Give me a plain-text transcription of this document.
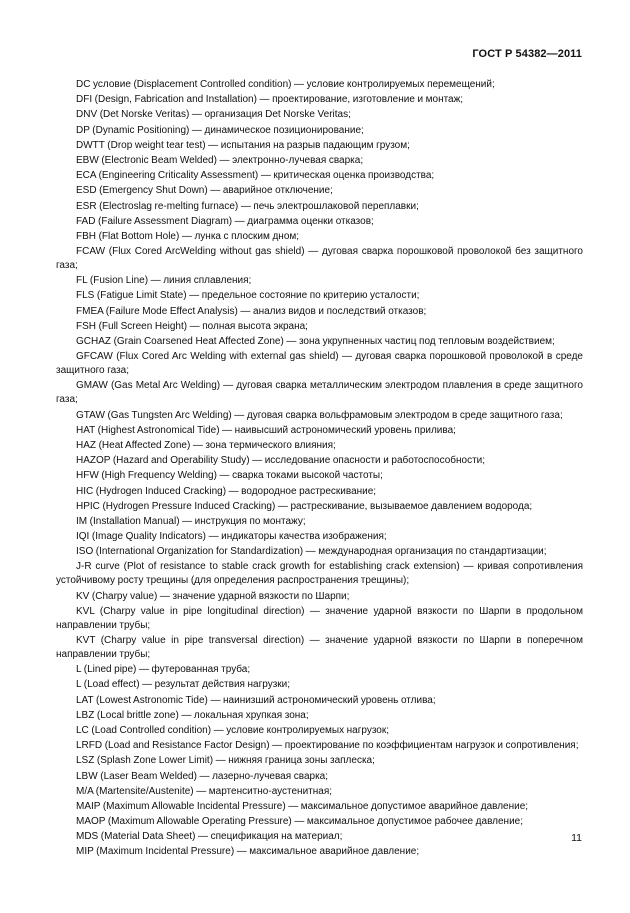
ГОСТ Р 54382—2011

DC условие (Displacement Controlled condition) — условие контролируемых перемещений;

DFI (Design, Fabrication and Installation) — проектирование, изготовление и монтаж;

DNV (Det Norske Veritas) — организация Det Norske Veritas;

DP (Dynamic Positioning) — динамическое позиционирование;

DWTT (Drop weight tear test) — испытания на разрыв падающим грузом;

EBW (Electronic Beam Welded) — электронно-лучевая сварка;

ECA (Engineering Criticality Assessment) — критическая оценка производства;

ESD (Emergency Shut Down) — аварийное отключение;

ESR (Electroslag re-melting furnace) — печь электрошлаковой переплавки;

FAD (Failure Assessment Diagram) — диаграмма оценки отказов;

FBH (Flat Bottom Hole) — лунка с плоским дном;

FCAW (Flux Cored ArcWelding without gas shield) — дуговая сварка порошковой проволокой без защитного газа;

FL (Fusion Line) — линия сплавления;

FLS (Fatigue Limit State) — предельное состояние по критерию усталости;

FMEA (Failure Mode Effect Analysis) — анализ видов и последствий отказов;

FSH (Full Screen Height) — полная высота экрана;

GCHAZ (Grain Coarsened Heat Affected Zone) — зона укрупненных частиц под тепловым воздействием;

GFCAW (Flux Cored Arc Welding with external gas shield) — дуговая сварка порошковой проволокой в среде защитного газа;

GMAW (Gas Metal Arc Welding) — дуговая сварка металлическим электродом плавления в среде защитного газа;

GTAW (Gas Tungsten Arc Welding) — дуговая сварка вольфрамовым электродом в среде защитного газа;

HAT (Highest Astronomical Tide) — наивысший астрономический уровень прилива;

HAZ (Heat Affected Zone) — зона термического влияния;

HAZOP (Hazard and Operability Study) — исследование опасности и работоспособности;

HFW (High Frequency Welding) — сварка токами высокой частоты;

HIC (Hydrogen Induced Cracking) — водородное растрескивание;

HPIC (Hydrogen Pressure Induced Cracking) — растрескивание, вызываемое давлением водорода;

IM (Installation Manual) — инструкция по монтажу;

IQI (Image Quality Indicators) — индикаторы качества изображения;

ISO (International Organization for Standardization) — международная организация по стандартизации;

J-R curve (Plot of resistance to stable crack growth for establishing crack extension) — кривая сопротивления устойчивому росту трещины (для определения распространения трещины);

KV (Charpy value) — значение ударной вязкости по Шарпи;

KVL (Charpy value in pipe longitudinal direction) — значение ударной вязкости по Шарпи в продольном направлении трубы;

KVT (Charpy value in pipe transversal direction) — значение ударной вязкости по Шарпи в поперечном направлении трубы;

L (Lined pipe) — футерованная труба;

L (Load effect) — результат действия нагрузки;

LAT (Lowest Astronomic Tide) — наинизший астрономический уровень отлива;

LBZ (Local brittle zone) — локальная хрупкая зона;

LC (Load Controlled condition) — условие контролируемых нагрузок;

LRFD (Load and Resistance Factor Design) — проектирование по коэффициентам нагрузок и сопротивления;

LSZ (Splash Zone Lower Limit) — нижняя граница зоны заплеска;

LBW (Laser Beam Welded) — лазерно-лучевая сварка;

M/A (Martensite/Austenite) — мартенситно-аустенитная;

MAIP (Maximum Allowable Incidental Pressure) — максимальное допустимое аварийное давление;

MAOP (Maximum Allowable Operating Pressure) — максимальное допустимое рабочее давление;

MDS (Material Data Sheet) — спецификация на материал;

MIP (Maximum Incidental Pressure) — максимальное аварийное давление;

11
